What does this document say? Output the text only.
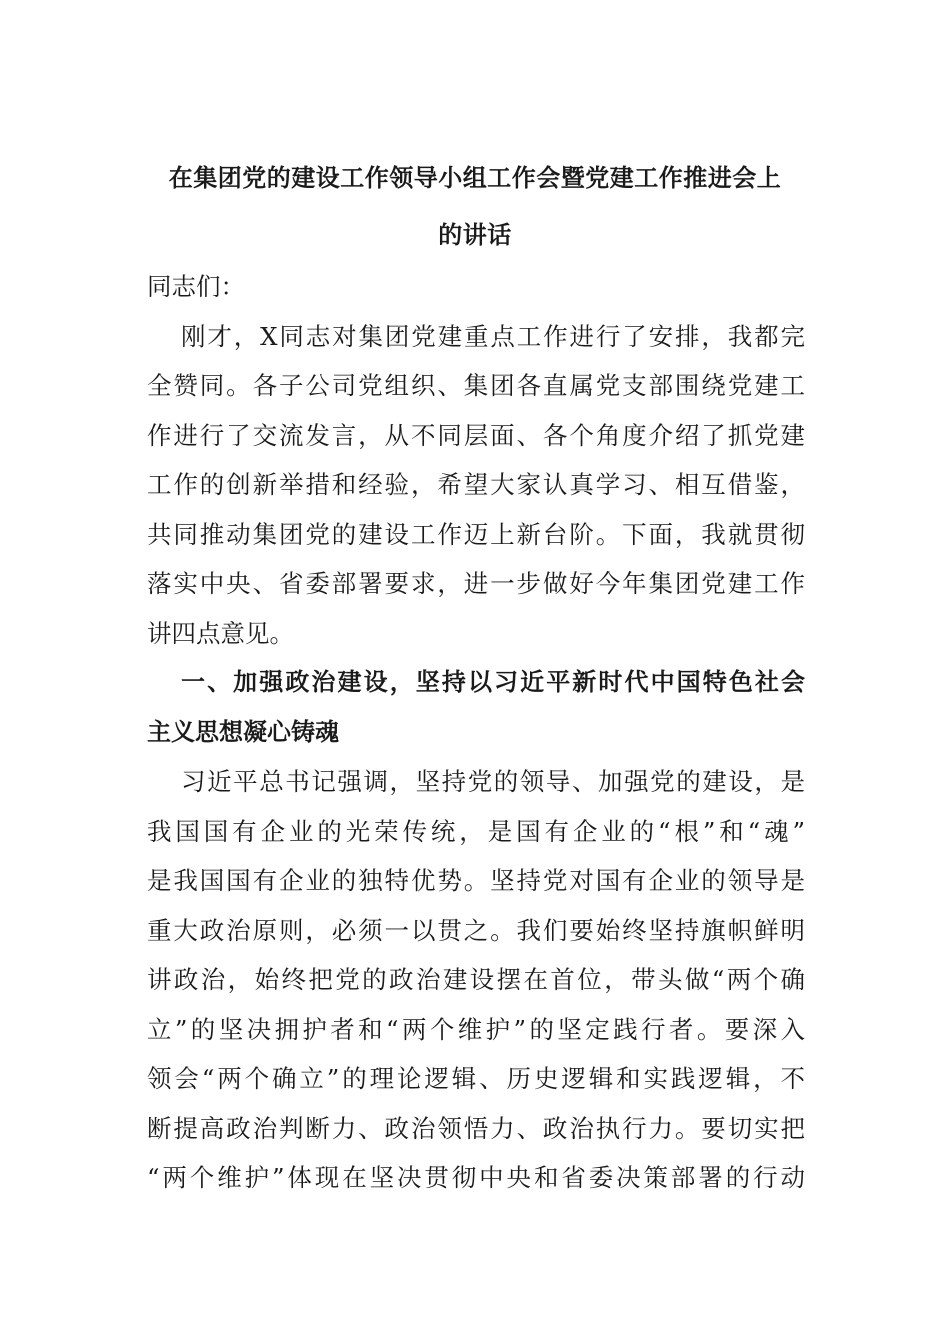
在集团党的建设工作领导小组工作会暨党建工作推进会上
的讲话
同志们：
刚才，X同志对集团党建重点工作进行了安排，我都完
全赞同。各子公司党组织、集团各直属党支部围绕党建工
作进行了交流发言，从不同层面、各个角度介绍了抓党建
工作的创新举措和经验，希望大家认真学习、相互借鉴，
共同推动集团党的建设工作迈上新台阶。下面，我就贯彻
落实中央、省委部署要求，进一步做好今年集团党建工作
讲四点意见。
一、加强政治建设，坚持以习近平新时代中国特色社会
主义思想凝心铸魂
习近平总书记强调，坚持党的领导、加强党的建设，是
我国国有企业的光荣传统，是国有企业的“根”和“魂”
是我国国有企业的独特优势。坚持党对国有企业的领导是
重大政治原则，必须一以贯之。我们要始终坚持旗帜鲜明
讲政治，始终把党的政治建设摆在首位，带头做“两个确
立”的坚决拥护者和“两个维护”的坚定践行者。要深入
领会“两个确立”的理论逻辑、历史逻辑和实践逻辑，不
断提高政治判断力、政治领悟力、政治执行力。要切实把
“两个维护”体现在坚决贯彻中央和省委决策部署的行动
